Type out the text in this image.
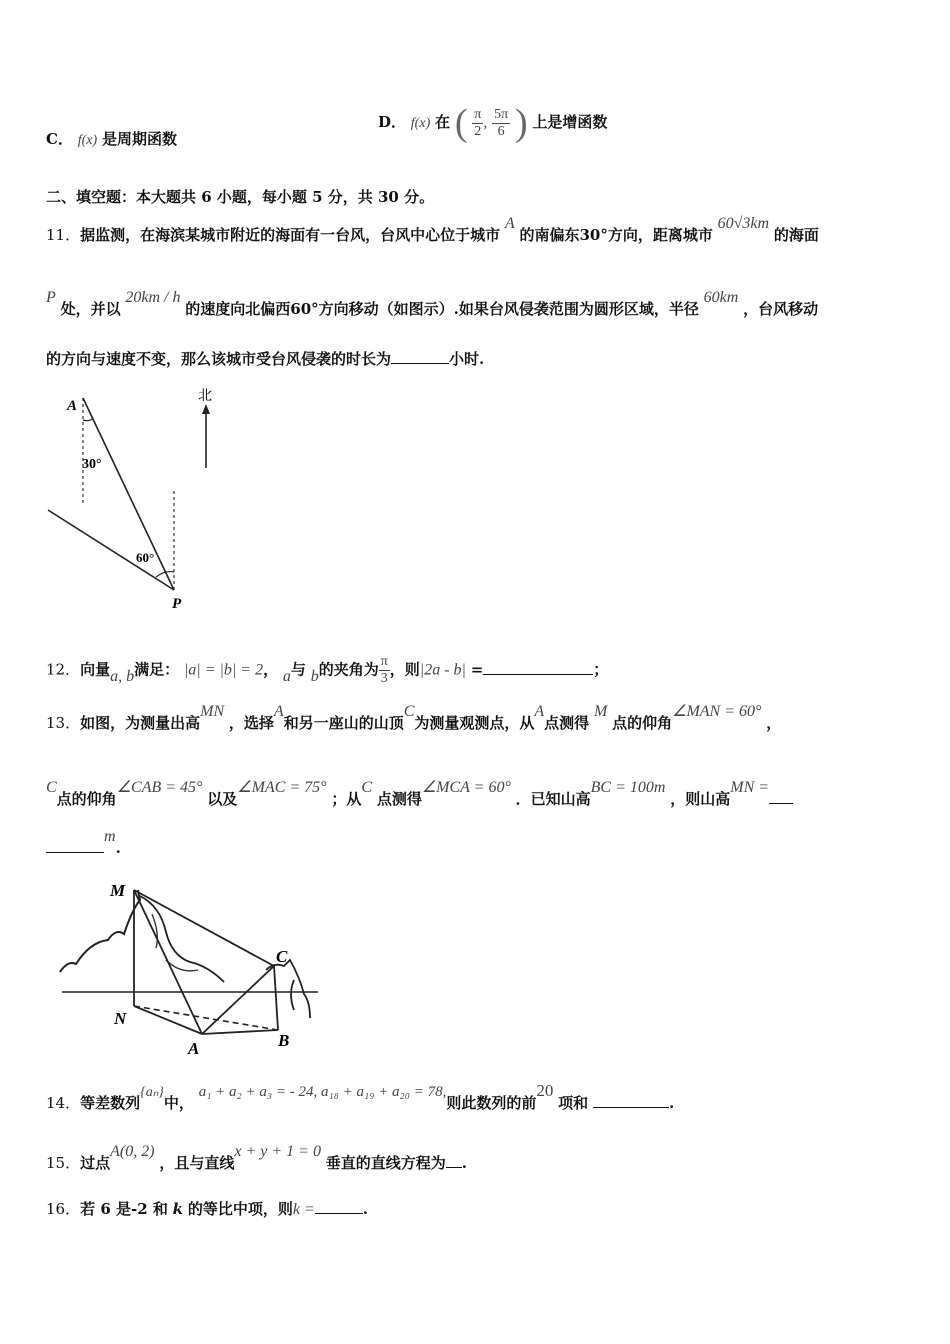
C． f(x) 是周期函数
D． f(x) 在 ( $\frac{\pi}{2}$ , $\frac{5\pi}{6}$ ) 上是增函数
二、填空题：本大题共 6 小题，每小题 5 分，共 30 分。
11．据监测，在海滨某城市附近的海面有一台风，台风中心位于城市 A 的南偏东30°方向，距离城市 60√3km 的海面
P 处，并以 20km / h 的速度向北偏西60°方向移动（如图示）.如果台风侵袭范围为圆形区域，半径 60km ，台风移动
的方向与速度不变，那么该城市受台风侵袭的时长为	小时.
A
30°
60°
P
北
12．向量a, b满足： |a| = |b| = 2， a与 b的夹角为 $\frac{\pi}{3}$ ，则|2a - b| =	；
13．如图，为测量出高MN ，选择A和另一座山的山顶C为测量观测点，从A点测得 M 点的仰角∠MAN = 60° ，
C点的仰角∠CAB = 45° 以及∠MAC = 75° ；从C 点测得∠MCA = 60° ．已知山高BC = 100m ，则山高MN =
m.
M
N
A	B
C
14．等差数列{aₙ}中， a₁ + a₂ + a₃ = - 24, a₁₈ + a₁₉ + a₂₀ = 78,则此数列的前20 项和	.
15．过点A(0, 2) ，且与直线x + y + 1 = 0 垂直的直线方程为 .
16．若 6 是-2 和 k 的等比中项，则k =	.
